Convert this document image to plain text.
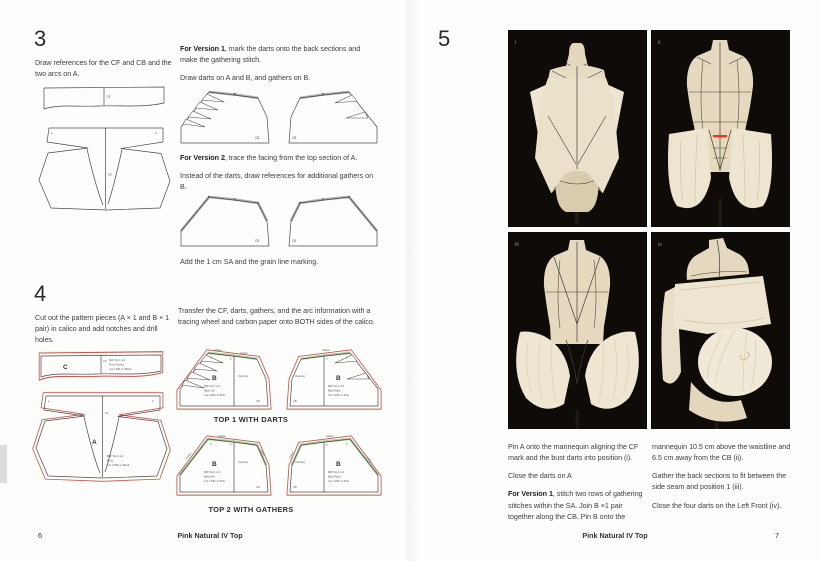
3

Draw references for the CF and CB and the two arcs on A.

CF
CF
a	b

For Version 1, mark the darts onto the back sections and make the gathering stitch.

Draw darts on A and B, and gathers on B.

CB	CB

For Version 2, trace the facing from the top section of A.

Instead of the darts, draw references for additional gathers on B.

CB	CB

Add the 1 cm SA and the grain line marking.

4

Cut out the pattern pieces (A × 1 and B × 1 pair) in calico and add notches and drill holes.

C
CF MW Top 1 & 2
Front Facing
Cut 1 RSU in Black
A
CF
a	b
MW Top 1 & 2
Front
Cut 1 RSU in Black

Transfer the CF, darts, gathers, and the arc information with a tracing wheel and carbon paper onto BOTH sides of the calico.

Gather
Gather
a	b
B	Opening
MW Top 1 & 2
Back Left
Cut 1 RSU in Pink
CB
Gather
a	b
Opening	B
MW Top 1 & 2
Back Right
Cut 1 RSU in Pink
CB
TOP 1 WITH DARTS
Gather
Gather
Gather
a	b
B	Opening
MW Top 1 & 2
Back Left
Cut 1 RSU in Pink
CB
Gather
Gather
Gather
a	b
Opening	B
MW Top 1 & 2
Back Right
Cut 1 RSU in Pink
CB
TOP 2 WITH GATHERS
6	Pink Natural IV Top
5	i	ii
iii	iv

Pin A onto the mannequin aligning the CF mark and the bust darts into position (i).

Close the darts on A

For Version 1, stitch two rows of gathering stitches within the SA. Join B ×1 pair together along the CB. Pin B onto the

mannequin 10.5 cm above the waistline and 6.5 cm away from the CB (ii).

Gather the back sections to fit between the side seam and position 1 (iii).

Close the four darts on the Left Front (iv).

Pink Natural IV Top	7
